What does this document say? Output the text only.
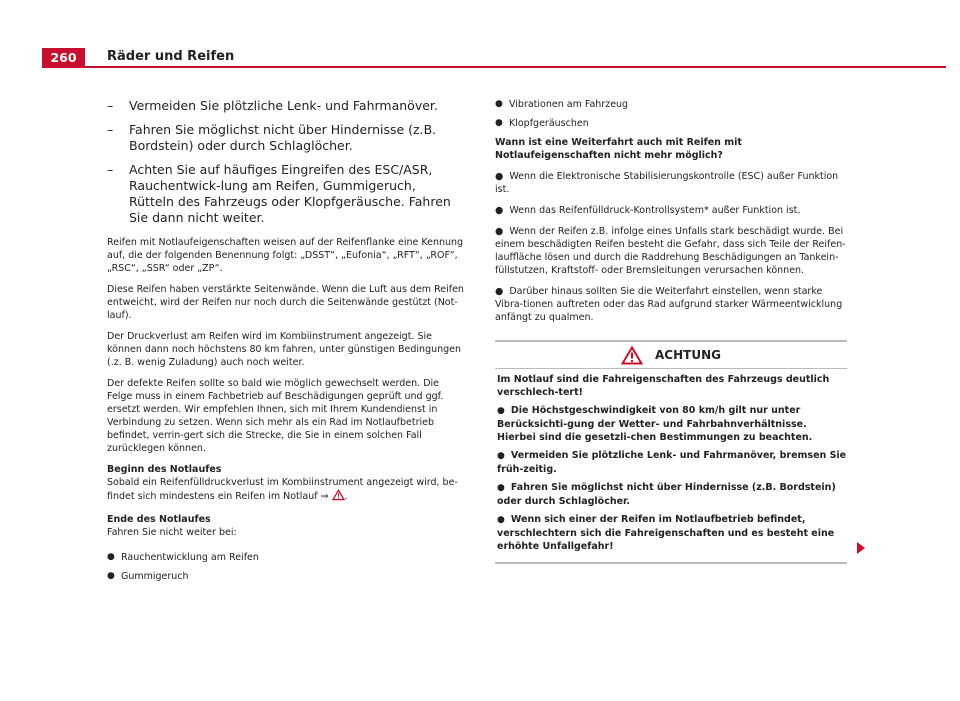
260	Räder und Reifen
– Vermeiden Sie plötzliche Lenk- und Fahrmanöver.
– Fahren Sie möglichst nicht über Hindernisse (z.B. Bordstein) oder durch Schlaglöcher.
– Achten Sie auf häufiges Eingreifen des ESC/ASR, Rauchentwick-lung am Reifen, Gummigeruch, Rütteln des Fahrzeugs oder Klopfgeräusche. Fahren Sie dann nicht weiter.

Reifen mit Notlaufeigenschaften weisen auf der Reifenflanke eine Kennung auf, die der folgenden Benennung folgt: „DSST“, „Eufonia“, „RFT“, „ROF“, „RSC“, „SSR“ oder „ZP“.

Diese Reifen haben verstärkte Seitenwände. Wenn die Luft aus dem Reifen entweicht, wird der Reifen nur noch durch die Seitenwände gestützt (Not-lauf).

Der Druckverlust am Reifen wird im Kombiinstrument angezeigt. Sie können dann noch höchstens 80 km fahren, unter günstigen Bedingungen (.z. B. wenig Zuladung) auch noch weiter.

Der defekte Reifen sollte so bald wie möglich gewechselt werden. Die Felge muss in einem Fachbetrieb auf Beschädigungen geprüft und ggf. ersetzt werden. Wir empfehlen Ihnen, sich mit Ihrem Kundendienst in Verbindung zu setzen. Wenn sich mehr als ein Rad im Notlaufbetrieb befindet, verrin-gert sich die Strecke, die Sie in einem solchen Fall zurücklegen können.

Beginn des Notlaufes

Sobald ein Reifenfülldruckverlust im Kombiinstrument angezeigt wird, be-findet sich mindestens ein Reifen im Notlauf ⇒ .

Ende des Notlaufes

Fahren Sie nicht weiter bei:

● Rauchentwicklung am Reifen
● Gummigeruch
● Vibrationen am Fahrzeug
● Klopfgeräuschen

Wann ist eine Weiterfahrt auch mit Reifen mit Notlaufeigenschaften nicht mehr möglich?

●  Wenn die Elektronische Stabilisierungskontrolle (ESC) außer Funktion ist.

●  Wenn das Reifenfülldruck-Kontrollsystem* außer Funktion ist.

●  Wenn der Reifen z.B. infolge eines Unfalls stark beschädigt wurde. Bei einem beschädigten Reifen besteht die Gefahr, dass sich Teile der Reifen-lauffläche lösen und durch die Raddrehung Beschädigungen an Tankein-füllstutzen, Kraftstoff- oder Bremsleitungen verursachen können.

●  Darüber hinaus sollten Sie die Weiterfahrt einstellen, wenn starke Vibra-tionen auftreten oder das Rad aufgrund starker Wärmeentwicklung anfängt zu qualmen.

ACHTUNG

Im Notlauf sind die Fahreigenschaften des Fahrzeugs deutlich verschlech-tert!

● Die Höchstgeschwindigkeit von 80 km/h gilt nur unter Berücksichti-gung der Wetter- und Fahrbahnverhältnisse. Hierbei sind die gesetzli-chen Bestimmungen zu beachten.
● Vermeiden Sie plötzliche Lenk- und Fahrmanöver, bremsen Sie früh-zeitig.
● Fahren Sie möglichst nicht über Hindernisse (z.B. Bordstein) oder durch Schlaglöcher.
● Wenn sich einer der Reifen im Notlaufbetrieb befindet, verschlechtern sich die Fahreigenschaften und es besteht eine erhöhte Unfallgefahr!
